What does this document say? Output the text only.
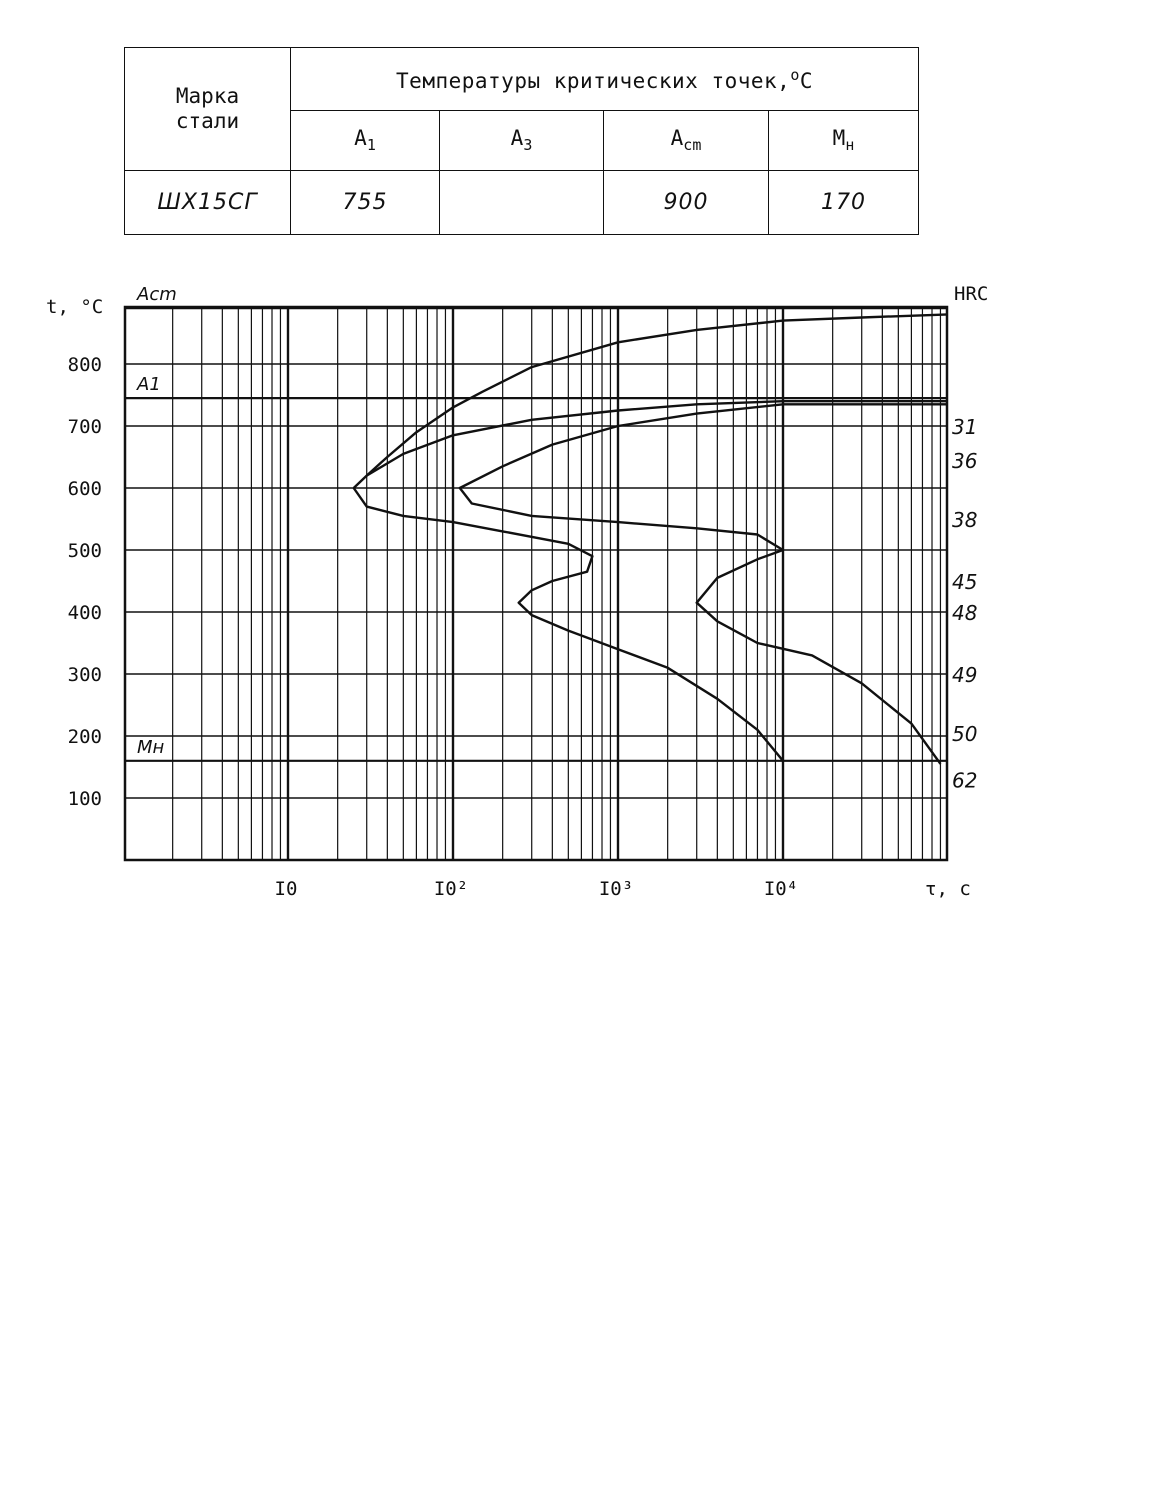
Марка стали	Температуры критических точек,$^o$C			
	$A_1$	$A_3$	$A_{cm}$	$M_н$
ШХ15СГ	755		900	170
Acm
A1
Mн
100
200
300
400
500
600
700
800
I0	I0²	I0³	I0⁴
t, °C
τ, c
HRC
31
36
38
45
48
49
50
62
